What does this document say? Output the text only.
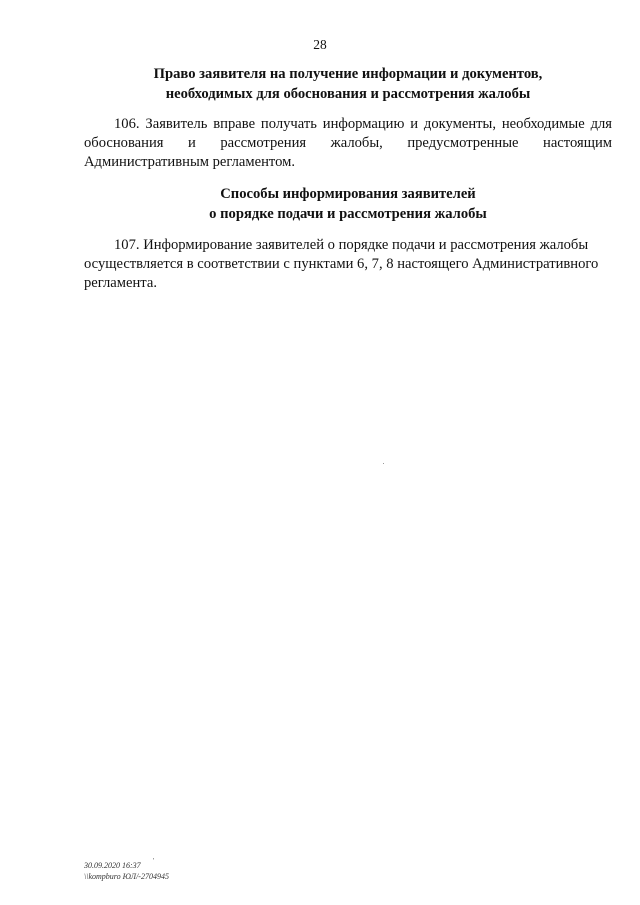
28
Право заявителя на получение информации и документов,
необходимых для обоснования и рассмотрения жалобы
106. Заявитель вправе получать информацию и документы, необходимые для
обоснования и рассмотрения жалобы, предусмотренные настоящим
Административным регламентом.
Способы информирования заявителей
о порядке подачи и рассмотрения жалобы
107. Информирование заявителей о порядке подачи и рассмотрения жалобы
осуществляется в соответствии с пунктами 6, 7, 8 настоящего Административного
регламента.
'
30.09.2020 16:37
\\kompburo ЮЛ/-2704945
